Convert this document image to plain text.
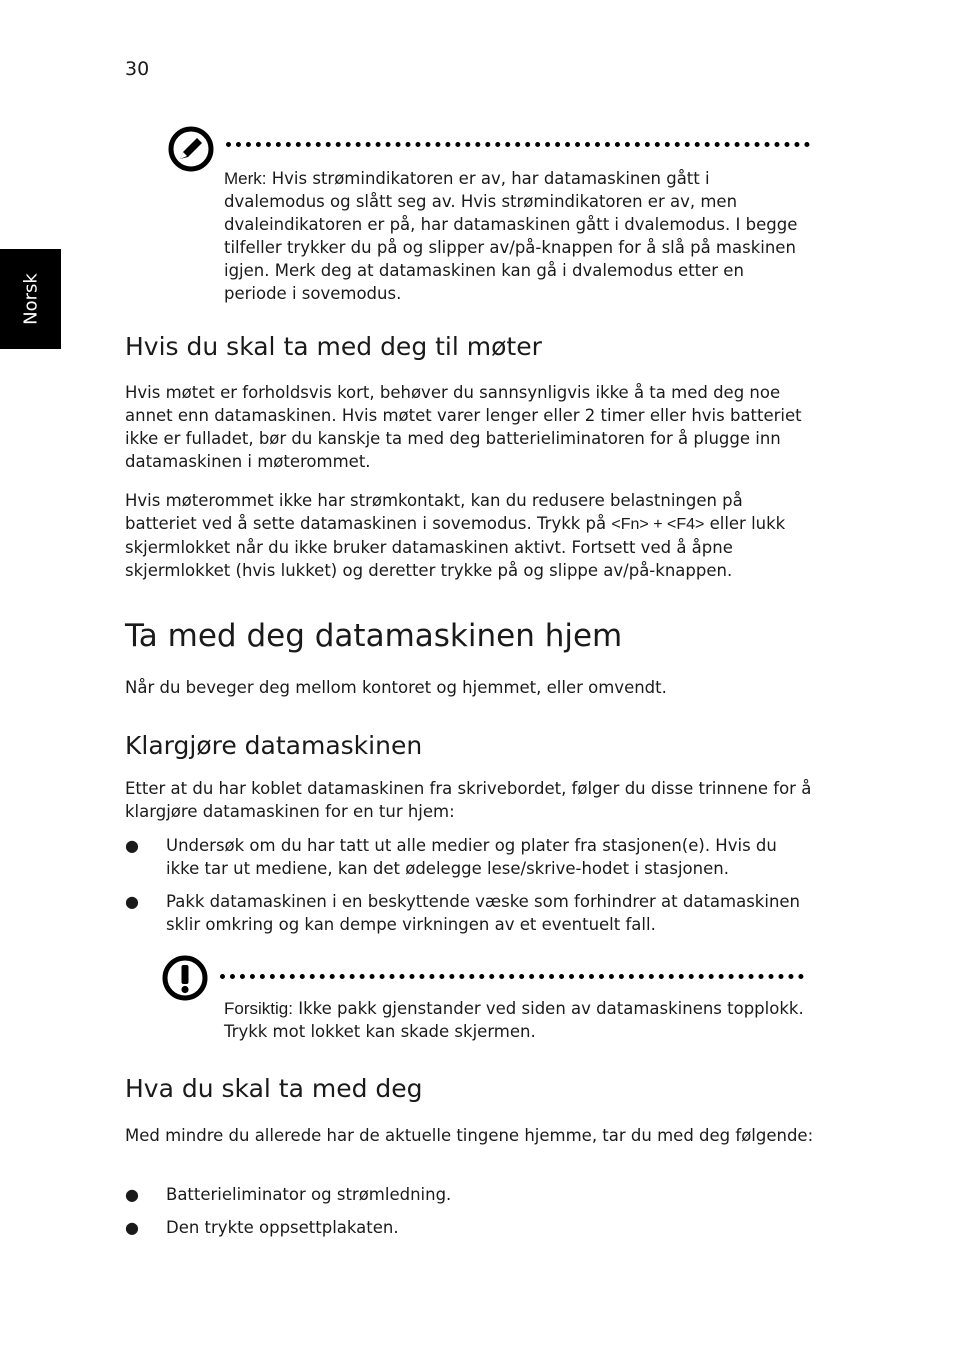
30
Norsk
Merk: Hvis strømindikatoren er av, har datamaskinen gått i dvalemodus og slått seg av. Hvis strømindikatoren er av, men dvaleindikatoren er på, har datamaskinen gått i dvalemodus. I begge tilfeller trykker du på og slipper av/på-knappen for å slå på maskinen igjen. Merk deg at datamaskinen kan gå i dvalemodus etter en periode i sovemodus.
Hvis du skal ta med deg til møter

Hvis møtet er forholdsvis kort, behøver du sannsynligvis ikke å ta med deg noe annet enn datamaskinen. Hvis møtet varer lenger eller 2 timer eller hvis batteriet ikke er fulladet, bør du kanskje ta med deg batterieliminatoren for å plugge inn datamaskinen i møterommet.

Hvis møterommet ikke har strømkontakt, kan du redusere belastningen på batteriet ved å sette datamaskinen i sovemodus. Trykk på <Fn> + <F4> eller lukk skjermlokket når du ikke bruker datamaskinen aktivt. Fortsett ved å åpne skjermlokket (hvis lukket) og deretter trykke på og slippe av/på-knappen.

Ta med deg datamaskinen hjem

Når du beveger deg mellom kontoret og hjemmet, eller omvendt.

Klargjøre datamaskinen

Etter at du har koblet datamaskinen fra skrivebordet, følger du disse trinnene for å klargjøre datamaskinen for en tur hjem:

● Undersøk om du har tatt ut alle medier og plater fra stasjonen(e). Hvis du ikke tar ut mediene, kan det ødelegge lese/skrive-hodet i stasjonen.
● Pakk datamaskinen i en beskyttende væske som forhindrer at datamaskinen sklir omkring og kan dempe virkningen av et eventuelt fall.
Forsiktig: Ikke pakk gjenstander ved siden av datamaskinens topplokk. Trykk mot lokket kan skade skjermen.
Hva du skal ta med deg

Med mindre du allerede har de aktuelle tingene hjemme, tar du med deg følgende:

● Batterieliminator og strømledning.
● Den trykte oppsettplakaten.
